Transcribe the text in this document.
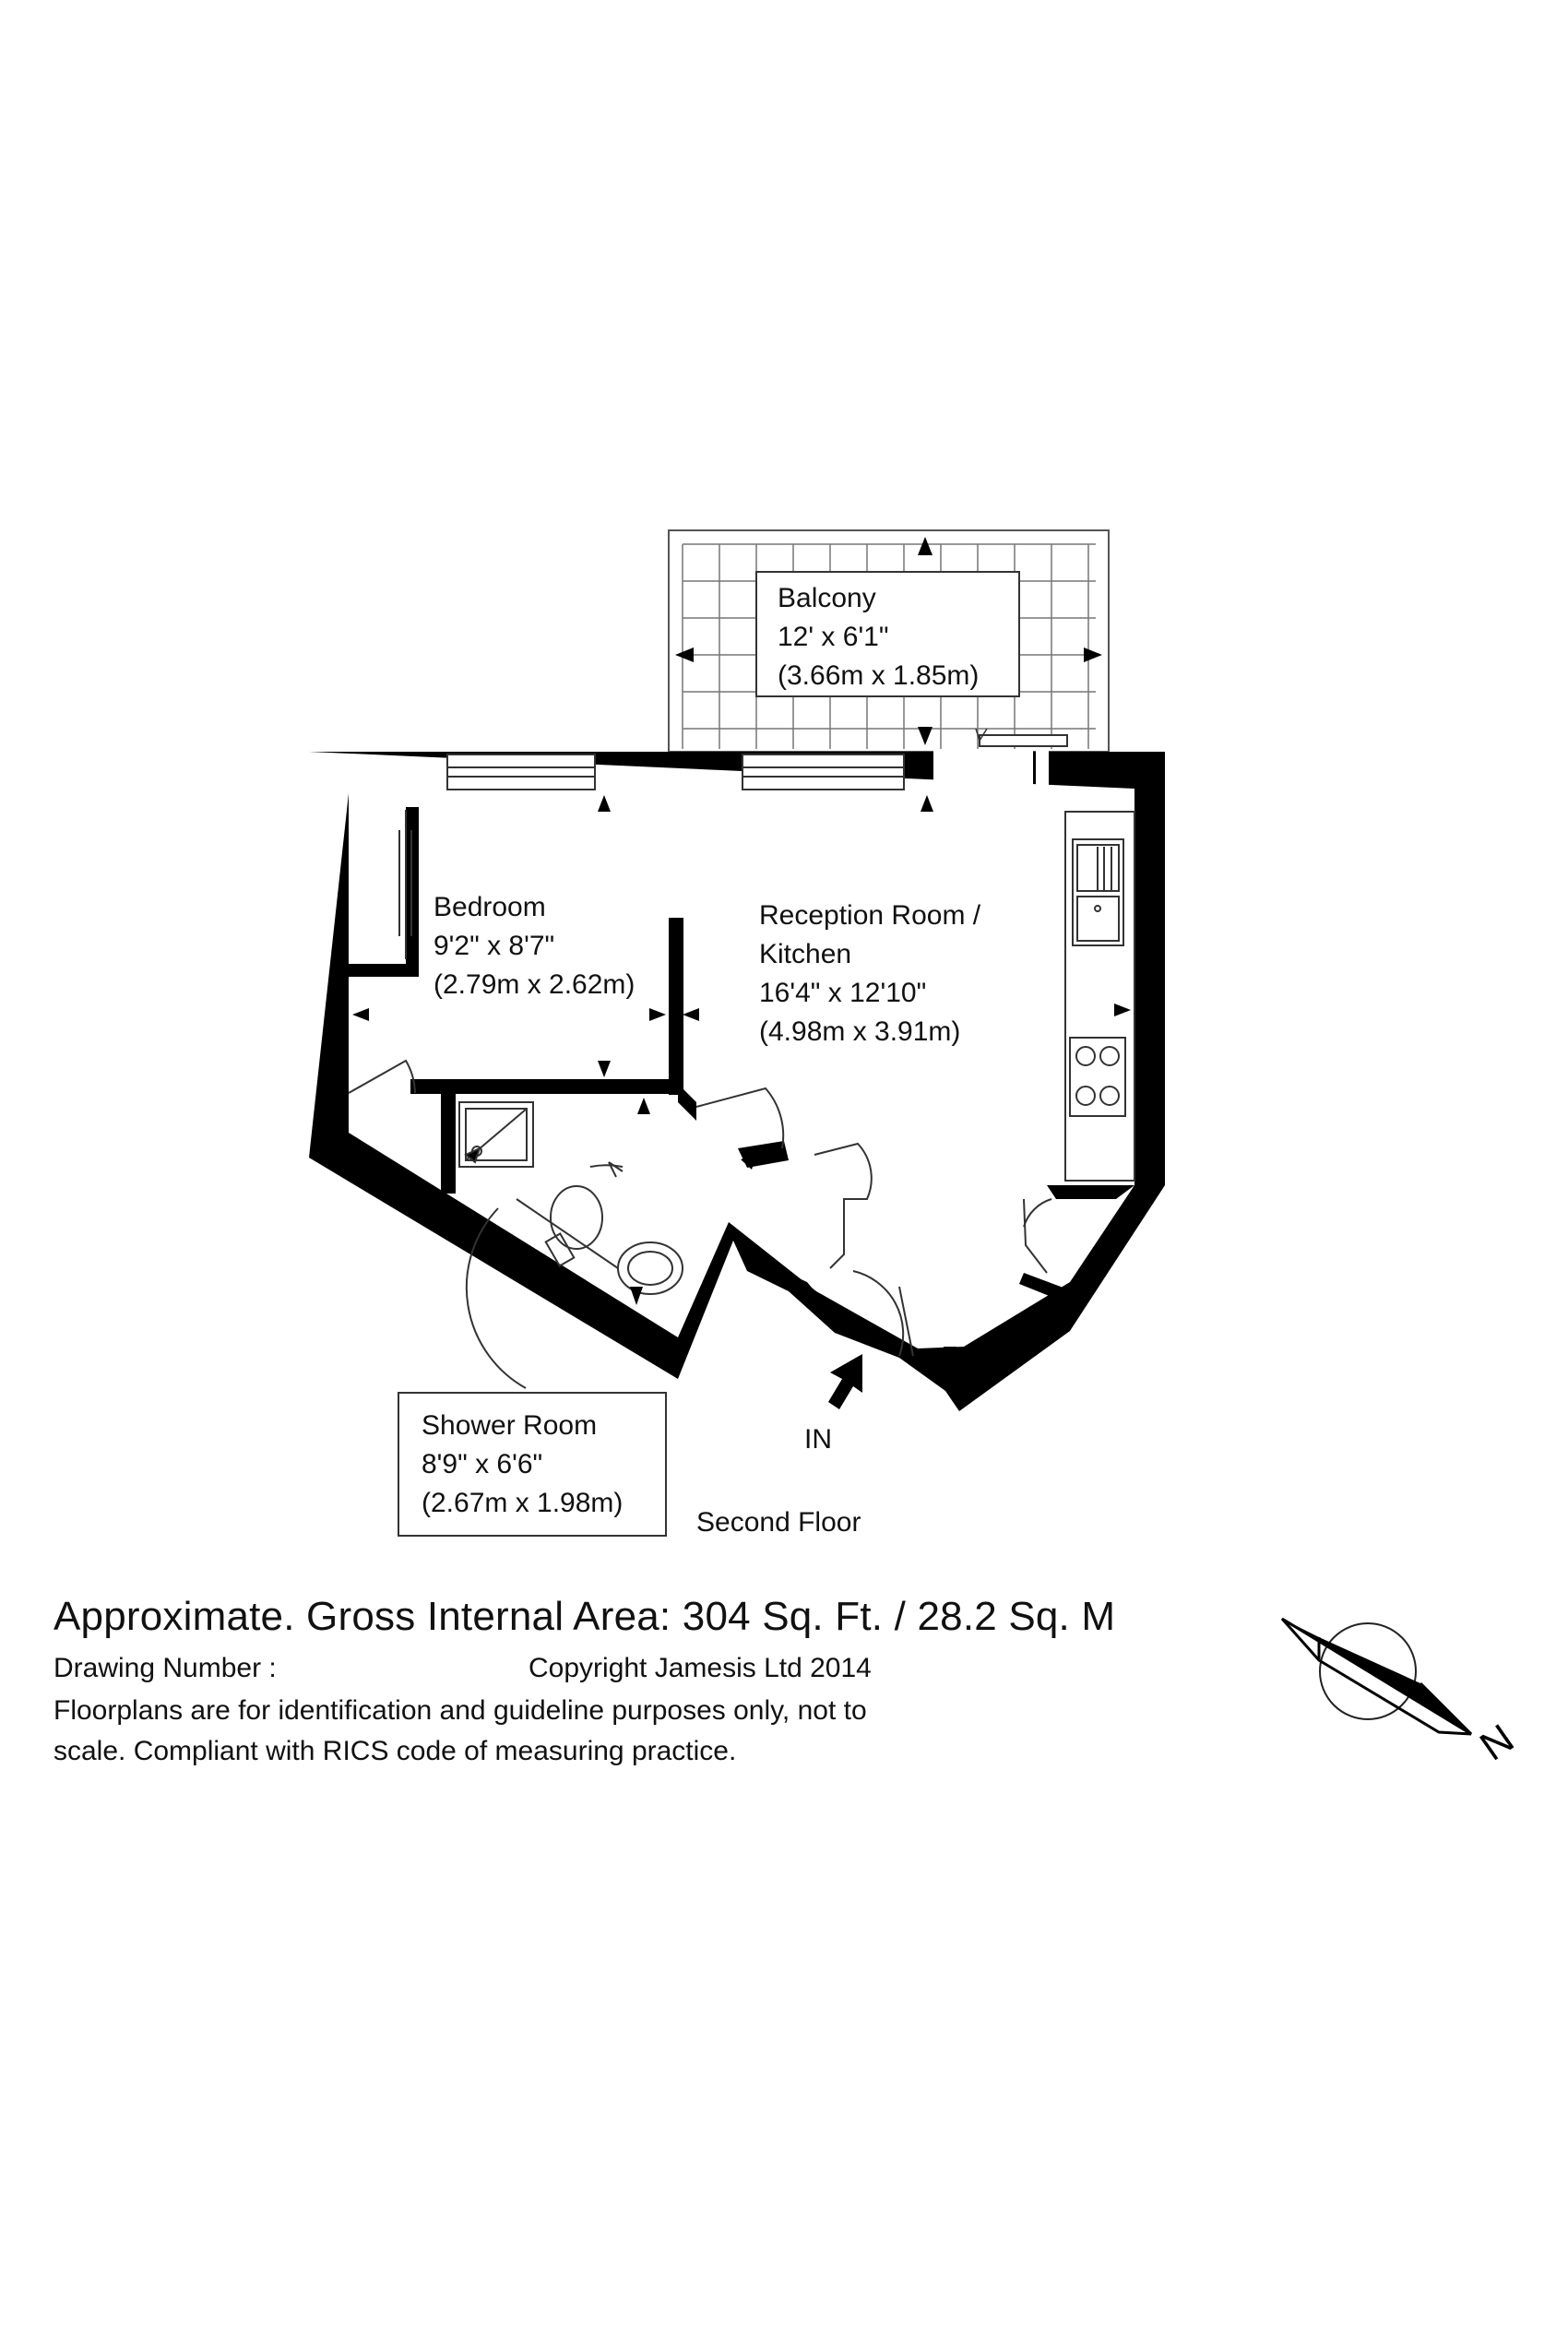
Balcony
12' x 6'1"
(3.66m x 1.85m)
Bedroom
9'2" x 8'7"
(2.79m x 2.62m)
Reception Room /
Kitchen
16'4" x 12'10"
(4.98m x 3.91m)
Shower Room
8'9" x 6'6"
(2.67m x 1.98m)
IN
Second Floor
N
Approximate. Gross Internal Area: 304 Sq. Ft. / 28.2 Sq. M
Drawing Number :	Copyright Jamesis Ltd 2014
Floorplans are for identification and guideline purposes only, not to
scale. Compliant with RICS code of measuring practice.
